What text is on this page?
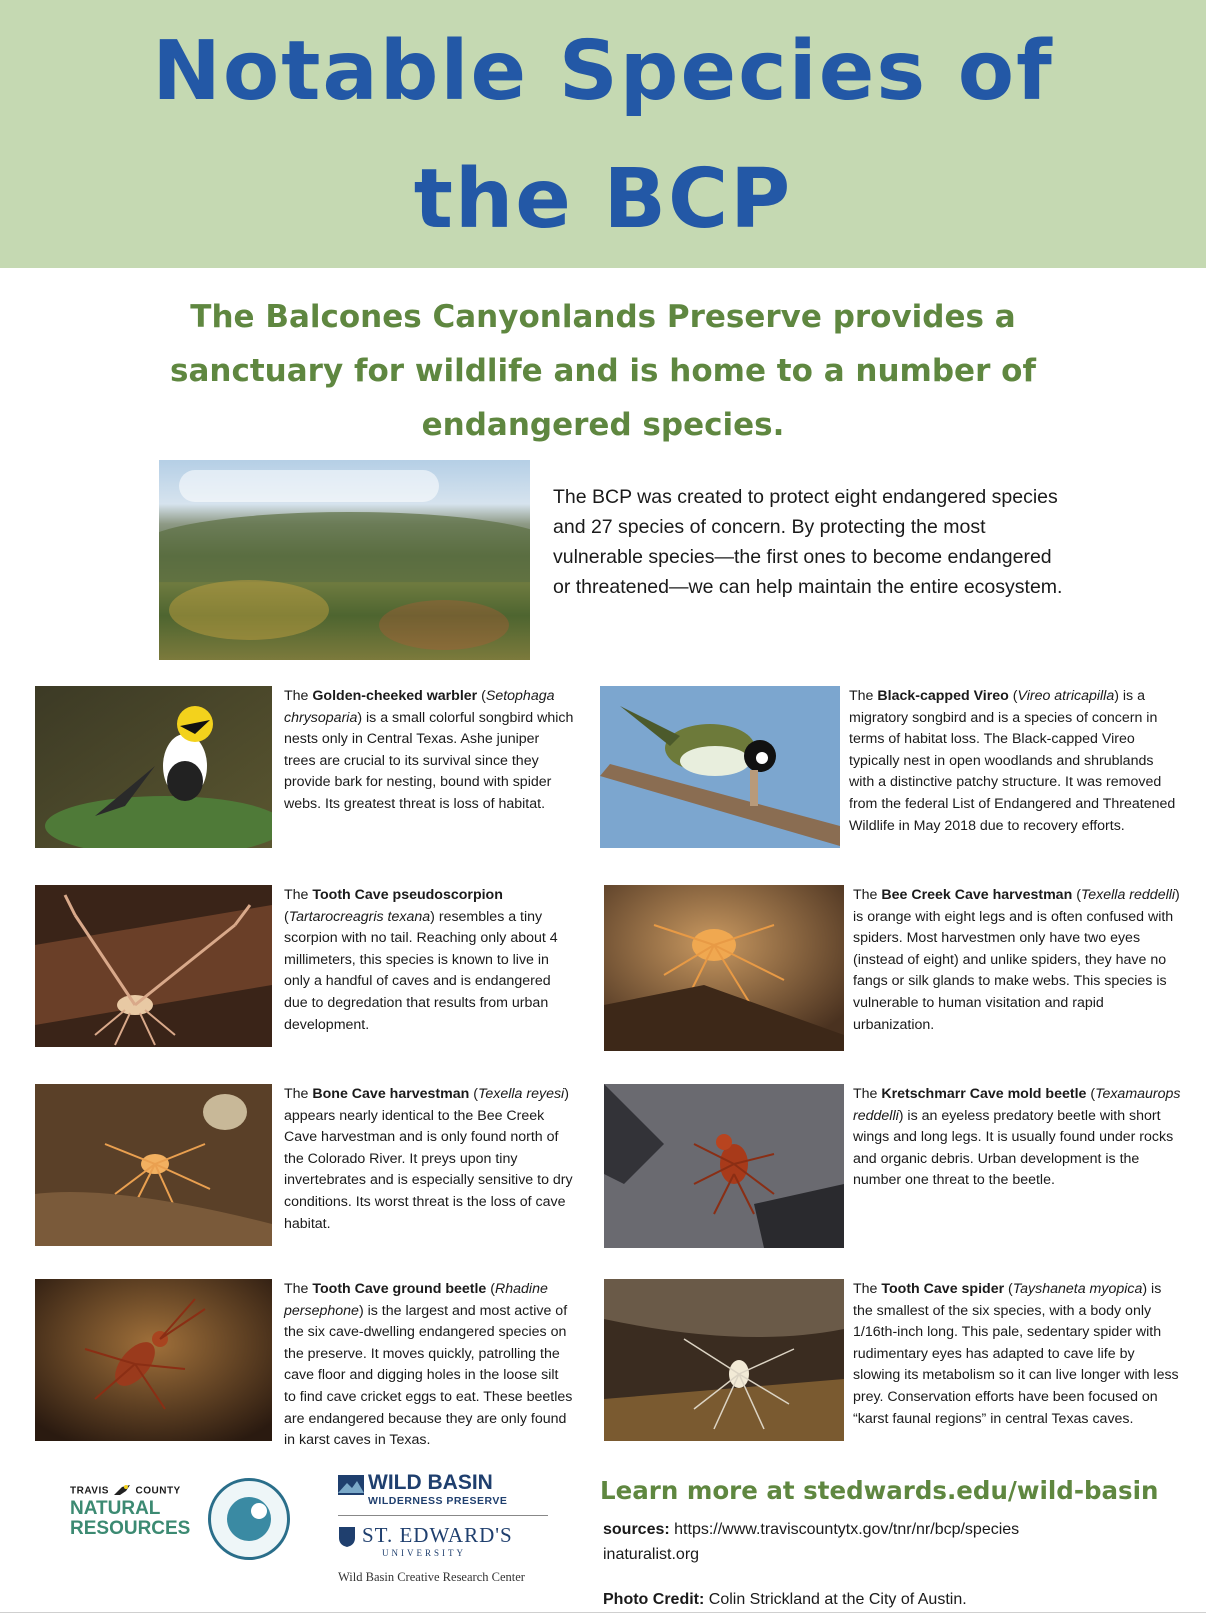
Notable Species of
the BCP
The Balcones Canyonlands Preserve provides a
sanctuary for wildlife and is home to a number of
endangered species.
The BCP was created to protect eight endangered species
and 27 species of concern. By protecting the most
vulnerable species—the first ones to become endangered
or threatened—we can help maintain the entire ecosystem.
The Golden-cheeked warbler (Setophaga chrysoparia) is a small colorful songbird which nests only in Central Texas. Ashe juniper trees are crucial to its survival since they provide bark for nesting, bound with spider webs. Its greatest threat is loss of habitat.
The Black-capped Vireo (Vireo atricapilla) is a migratory songbird and is a species of concern in terms of habitat loss. The Black-capped Vireo typically nest in open woodlands and shrublands with a distinctive patchy structure. It was removed from the federal List of Endangered and Threatened Wildlife in May 2018 due to recovery efforts.
The Tooth Cave pseudoscorpion (Tartarocreagris texana) resembles a tiny scorpion with no tail. Reaching only about 4 millimeters, this species is known to live in only a handful of caves and is endangered due to degredation that results from urban development.
The Bee Creek Cave harvestman (Texella reddelli) is orange with eight legs and is often confused with spiders. Most harvestmen only have two eyes (instead of eight) and unlike spiders, they have no fangs or silk glands to make webs. This species is vulnerable to human visitation and rapid urbanization.
The Bone Cave harvestman (Texella reyesi) appears nearly identical to the Bee Creek Cave harvestman and is only found north of the Colorado River. It preys upon tiny invertebrates and is especially sensitive to dry conditions. Its worst threat is the loss of cave habitat.
The Kretschmarr Cave mold beetle (Texamaurops reddelli) is an eyeless predatory beetle with short wings and long legs. It is usually found under rocks and organic debris. Urban development is the number one threat to the beetle.
The Tooth Cave ground beetle (Rhadine persephone) is the largest and most active of the six cave-dwelling endangered species on the preserve. It moves quickly, patrolling the cave floor and digging holes in the loose silt to find cave cricket eggs to eat. These beetles are endangered because they are only found in karst caves in Texas.
The Tooth Cave spider (Tayshaneta myopica) is the smallest of the six species, with a body only 1/16th-inch long. This pale, sedentary spider with rudimentary eyes has adapted to cave life by slowing its metabolism so it can live longer with less prey. Conservation efforts have been focused on “karst faunal regions” in central Texas caves.
TRAVIS	COUNTY
NATURAL
RESOURCES
WILD BASIN
WILDERNESS PRESERVE
ST. EDWARD'S
UNIVERSITY
Wild Basin Creative Research Center
Learn more at stedwards.edu/wild-basin
sources: https://www.traviscountytx.gov/tnr/nr/bcp/species
inaturalist.org
Photo Credit: Colin Strickland at the City of Austin.
